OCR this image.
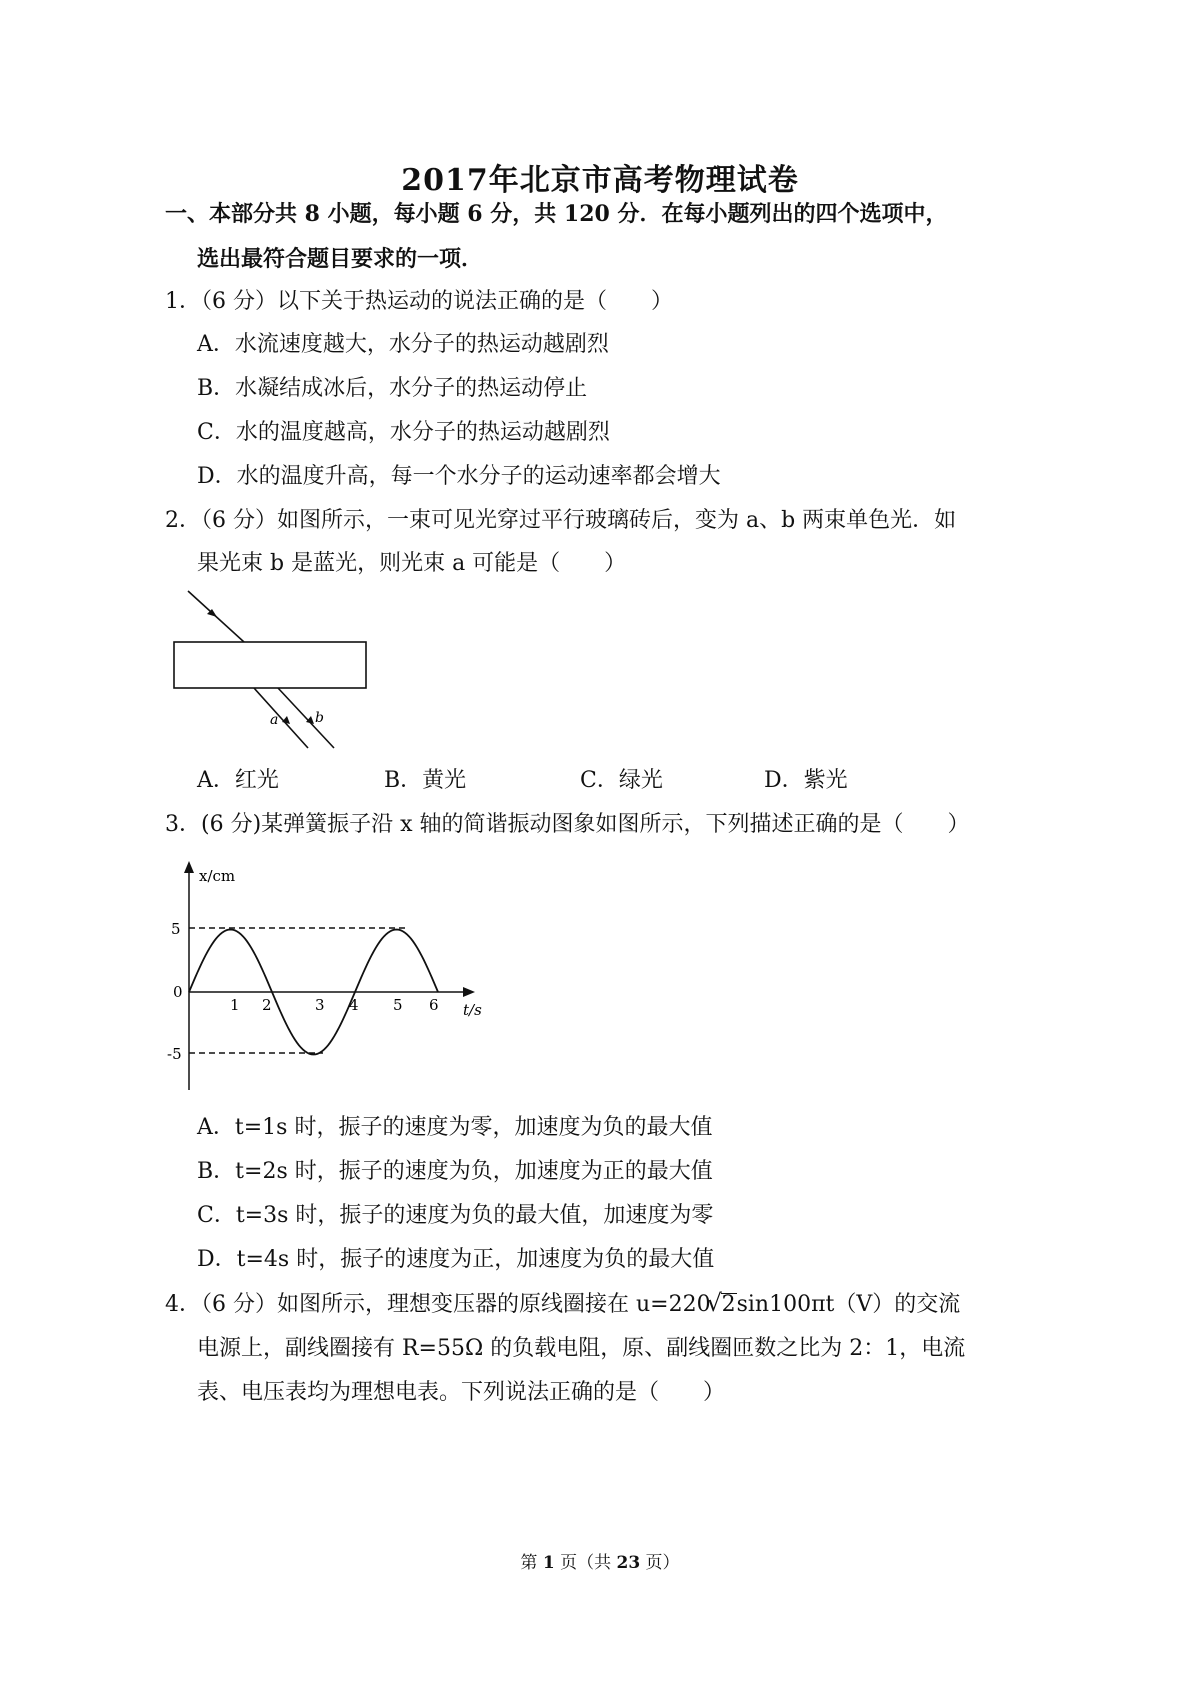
2017年北京市高考物理试卷
一、本部分共 8 小题，每小题 6 分，共 120 分．在每小题列出的四个选项中，
选出最符合题目要求的一项．
1．（6 分）以下关于热运动的说法正确的是（　　）
A．水流速度越大，水分子的热运动越剧烈
B．水凝结成冰后，水分子的热运动停止
C．水的温度越高，水分子的热运动越剧烈
D．水的温度升高，每一个水分子的运动速率都会增大
2．（6 分）如图所示，一束可见光穿过平行玻璃砖后，变为 a、b 两束单色光．如
果光束 b 是蓝光，则光束 a 可能是（　　）
a	b
A．红光	B．黄光	C．绿光	D．紫光
3．(6 分)某弹簧振子沿 x 轴的简谐振动图象如图所示，下列描述正确的是（　　）
x/cm
t/s
5
0
-5
1 2	3 4 5 6
A．t=1s 时，振子的速度为零，加速度为负的最大值
B．t=2s 时，振子的速度为负，加速度为正的最大值
C．t=3s 时，振子的速度为负的最大值，加速度为零
D．t=4s 时，振子的速度为正，加速度为负的最大值
4．（6 分）如图所示，理想变压器的原线圈接在 u=220√ 2sin100πt（V）的交流
电源上，副线圈接有 R=55Ω 的负载电阻，原、副线圈匝数之比为 2：1，电流
表、电压表均为理想电表。下列说法正确的是（　　）
第 1 页（共 23 页）
